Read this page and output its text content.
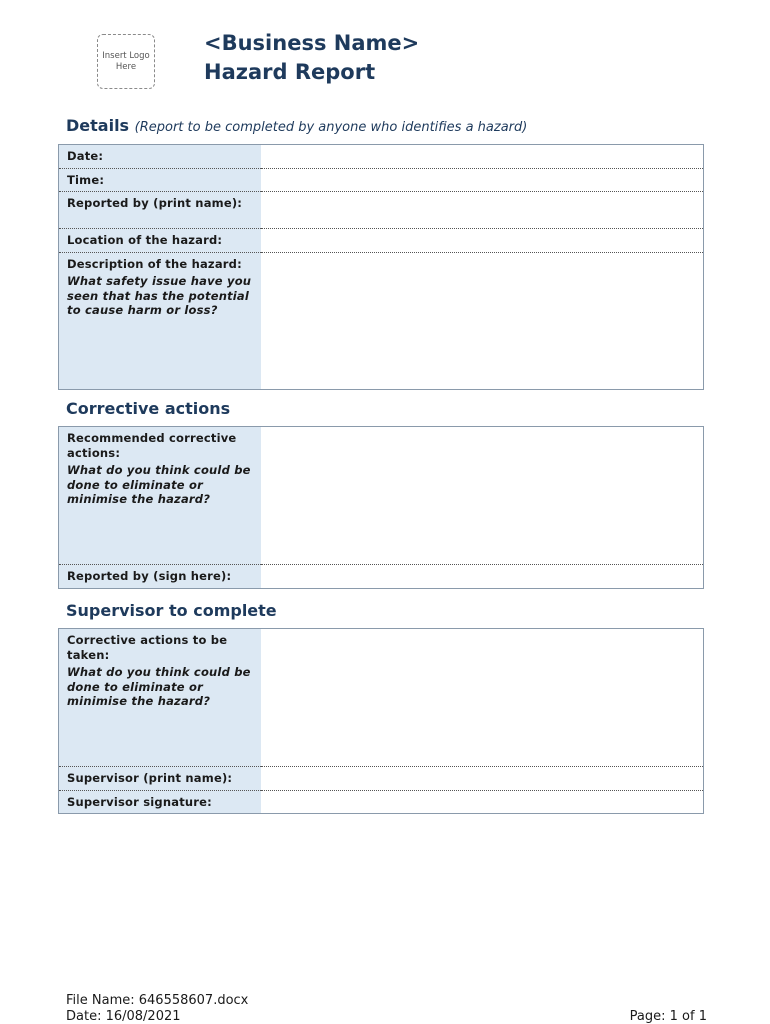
Insert Logo Here
<Business Name>
Hazard Report
Details (Report to be completed by anyone who identifies a hazard)
Date:	
Time:	
Reported by (print name):	
Location of the hazard:	

Description of the hazard:
What safety issue have you seen that has the potential to cause harm or loss?	

Corrective actions
Recommended corrective actions:
What do you think could be done to eliminate or minimise the hazard?	

Reported by (sign here):	
Supervisor to complete
Corrective actions to be taken:
What do you think could be done to eliminate or minimise the hazard?	

Supervisor (print name):	
Supervisor signature:	
File Name: 646558607.docx
Date: 16/08/2021	Page: 1 of 1
